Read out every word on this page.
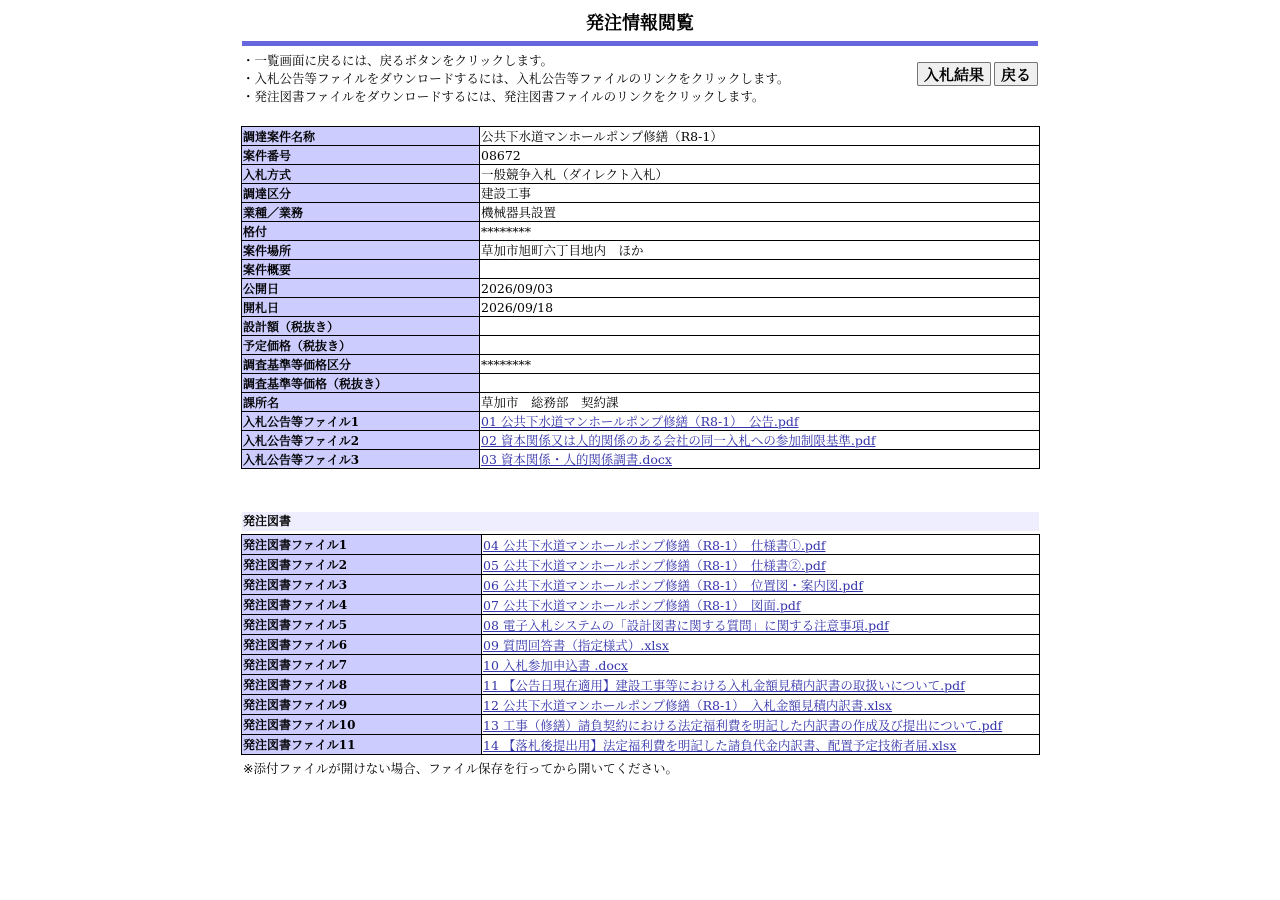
発注情報閲覧
・一覧画面に戻るには、戻るボタンをクリックします。
・入札公告等ファイルをダウンロードするには、入札公告等ファイルのリンクをクリックします。
・発注図書ファイルをダウンロードするには、発注図書ファイルのリンクをクリックします。
入札結果	戻る
調達案件名称	公共下水道マンホールポンプ修繕（R8-1）
案件番号	08672
入札方式	一般競争入札（ダイレクト入札）
調達区分	建設工事
業種／業務	機械器具設置
格付	********
案件場所	草加市旭町六丁目地内　ほか
案件概要	
公開日	2026/09/03
開札日	2026/09/18
設計額（税抜き）	
予定価格（税抜き）	
調査基準等価格区分	********
調査基準等価格（税抜き）	
課所名	草加市　総務部　契約課
入札公告等ファイル1	01 公共下水道マンホールポンプ修繕（R8-1）　公告.pdf
入札公告等ファイル2	02 資本関係又は人的関係のある会社の同一入札への参加制限基準.pdf
入札公告等ファイル3	03 資本関係・人的関係調書.docx
発注図書
発注図書ファイル1	04 公共下水道マンホールポンプ修繕（R8-1）　仕様書①.pdf
発注図書ファイル2	05 公共下水道マンホールポンプ修繕（R8-1）　仕様書②.pdf
発注図書ファイル3	06 公共下水道マンホールポンプ修繕（R8-1）　位置図・案内図.pdf
発注図書ファイル4	07 公共下水道マンホールポンプ修繕（R8-1）　図面.pdf
発注図書ファイル5	08 電子入札システムの「設計図書に関する質問」に関する注意事項.pdf
発注図書ファイル6	09 質問回答書（指定様式）.xlsx
発注図書ファイル7	10 入札参加申込書 .docx
発注図書ファイル8	11 【公告日現在適用】建設工事等における入札金額見積内訳書の取扱いについて.pdf
発注図書ファイル9	12 公共下水道マンホールポンプ修繕（R8-1）　入札金額見積内訳書.xlsx
発注図書ファイル10	13 工事（修繕）請負契約における法定福利費を明記した内訳書の作成及び提出について.pdf
発注図書ファイル11	14 【落札後提出用】法定福利費を明記した請負代金内訳書、配置予定技術者届.xlsx
※添付ファイルが開けない場合、ファイル保存を行ってから開いてください。
